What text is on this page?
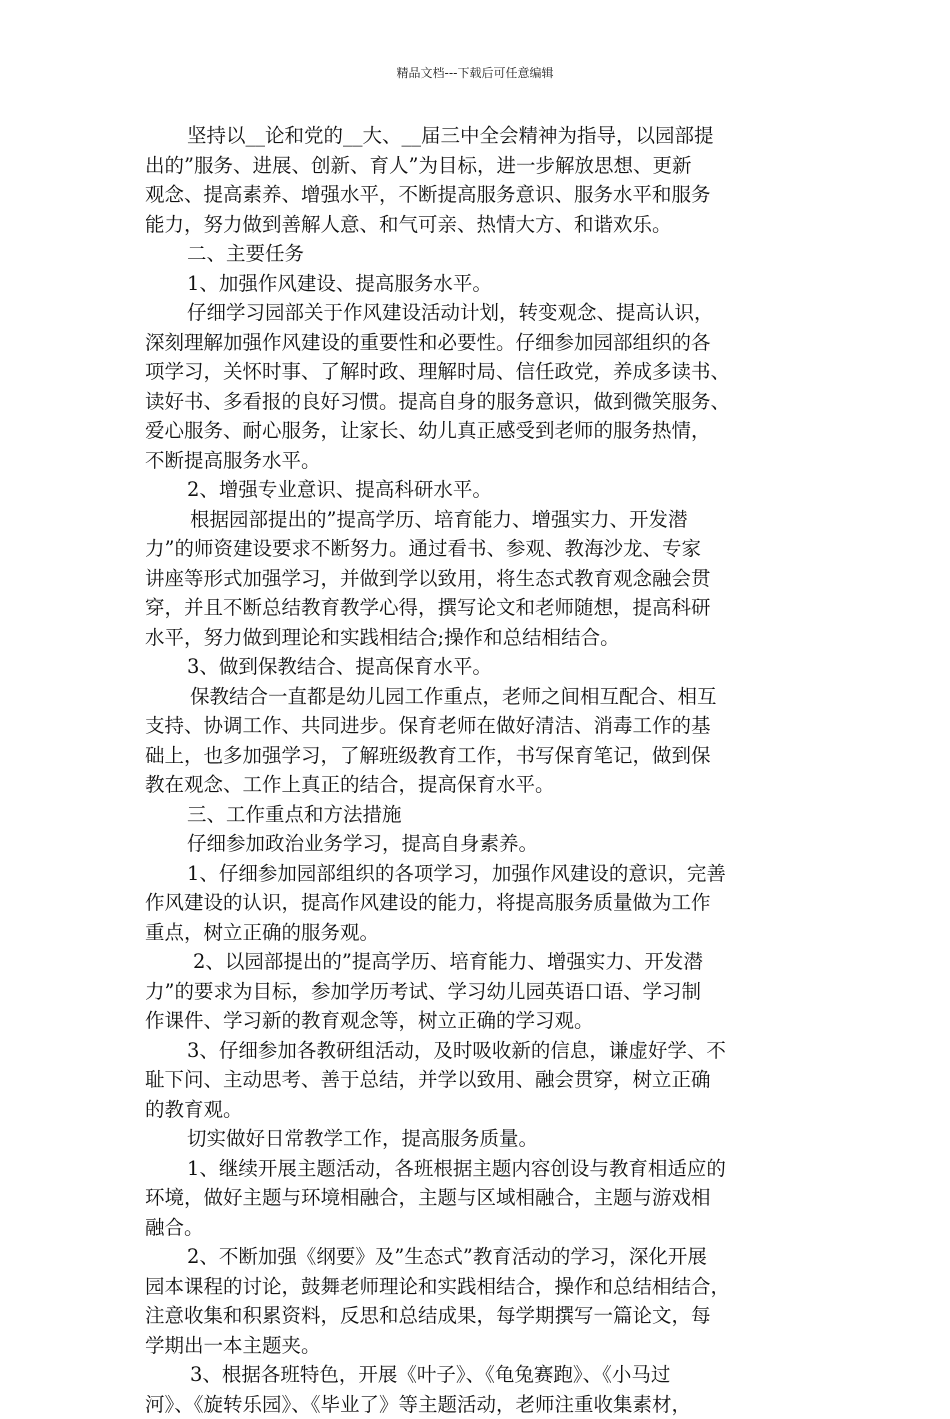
精品文档---下载后可任意编辑
坚持以__论和党的__大、__届三中全会精神为指导，以园部提
出的”服务、进展、创新、育人”为目标，进一步解放思想、更新
观念、提高素养、增强水平，不断提高服务意识、服务水平和服务
能力，努力做到善解人意、和气可亲、热情大方、和谐欢乐。
二、主要任务
1、加强作风建设、提高服务水平。
仔细学习园部关于作风建设活动计划，转变观念、提高认识，
深刻理解加强作风建设的重要性和必要性。仔细参加园部组织的各
项学习，关怀时事、了解时政、理解时局、信任政党，养成多读书、
读好书、多看报的良好习惯。提高自身的服务意识，做到微笑服务、
爱心服务、耐心服务，让家长、幼儿真正感受到老师的服务热情，
不断提高服务水平。
2、增强专业意识、提高科研水平。
根据园部提出的”提高学历、培育能力、增强实力、开发潜
力”的师资建设要求不断努力。通过看书、参观、教海沙龙、专家
讲座等形式加强学习，并做到学以致用，将生态式教育观念融会贯
穿，并且不断总结教育教学心得，撰写论文和老师随想，提高科研
水平，努力做到理论和实践相结合;操作和总结相结合。
3、做到保教结合、提高保育水平。
保教结合一直都是幼儿园工作重点，老师之间相互配合、相互
支持、协调工作、共同进步。保育老师在做好清洁、消毒工作的基
础上，也多加强学习，了解班级教育工作，书写保育笔记，做到保
教在观念、工作上真正的结合，提高保育水平。
三、工作重点和方法措施
仔细参加政治业务学习，提高自身素养。
1、仔细参加园部组织的各项学习，加强作风建设的意识，完善
作风建设的认识，提高作风建设的能力，将提高服务质量做为工作
重点，树立正确的服务观。
2、以园部提出的”提高学历、培育能力、增强实力、开发潜
力”的要求为目标，参加学历考试、学习幼儿园英语口语、学习制
作课件、学习新的教育观念等，树立正确的学习观。
3、仔细参加各教研组活动，及时吸收新的信息，谦虚好学、不
耻下问、主动思考、善于总结，并学以致用、融会贯穿，树立正确
的教育观。
切实做好日常教学工作，提高服务质量。
1、继续开展主题活动，各班根据主题内容创设与教育相适应的
环境，做好主题与环境相融合，主题与区域相融合，主题与游戏相
融合。
2、不断加强《纲要》及”生态式”教育活动的学习，深化开展
园本课程的讨论，鼓舞老师理论和实践相结合，操作和总结相结合，
注意收集和积累资料，反思和总结成果，每学期撰写一篇论文，每
学期出一本主题夹。
3、根据各班特色，开展《叶子》、《龟兔赛跑》、《小马过
河》、《旋转乐园》、《毕业了》等主题活动，老师注重收集素材，
